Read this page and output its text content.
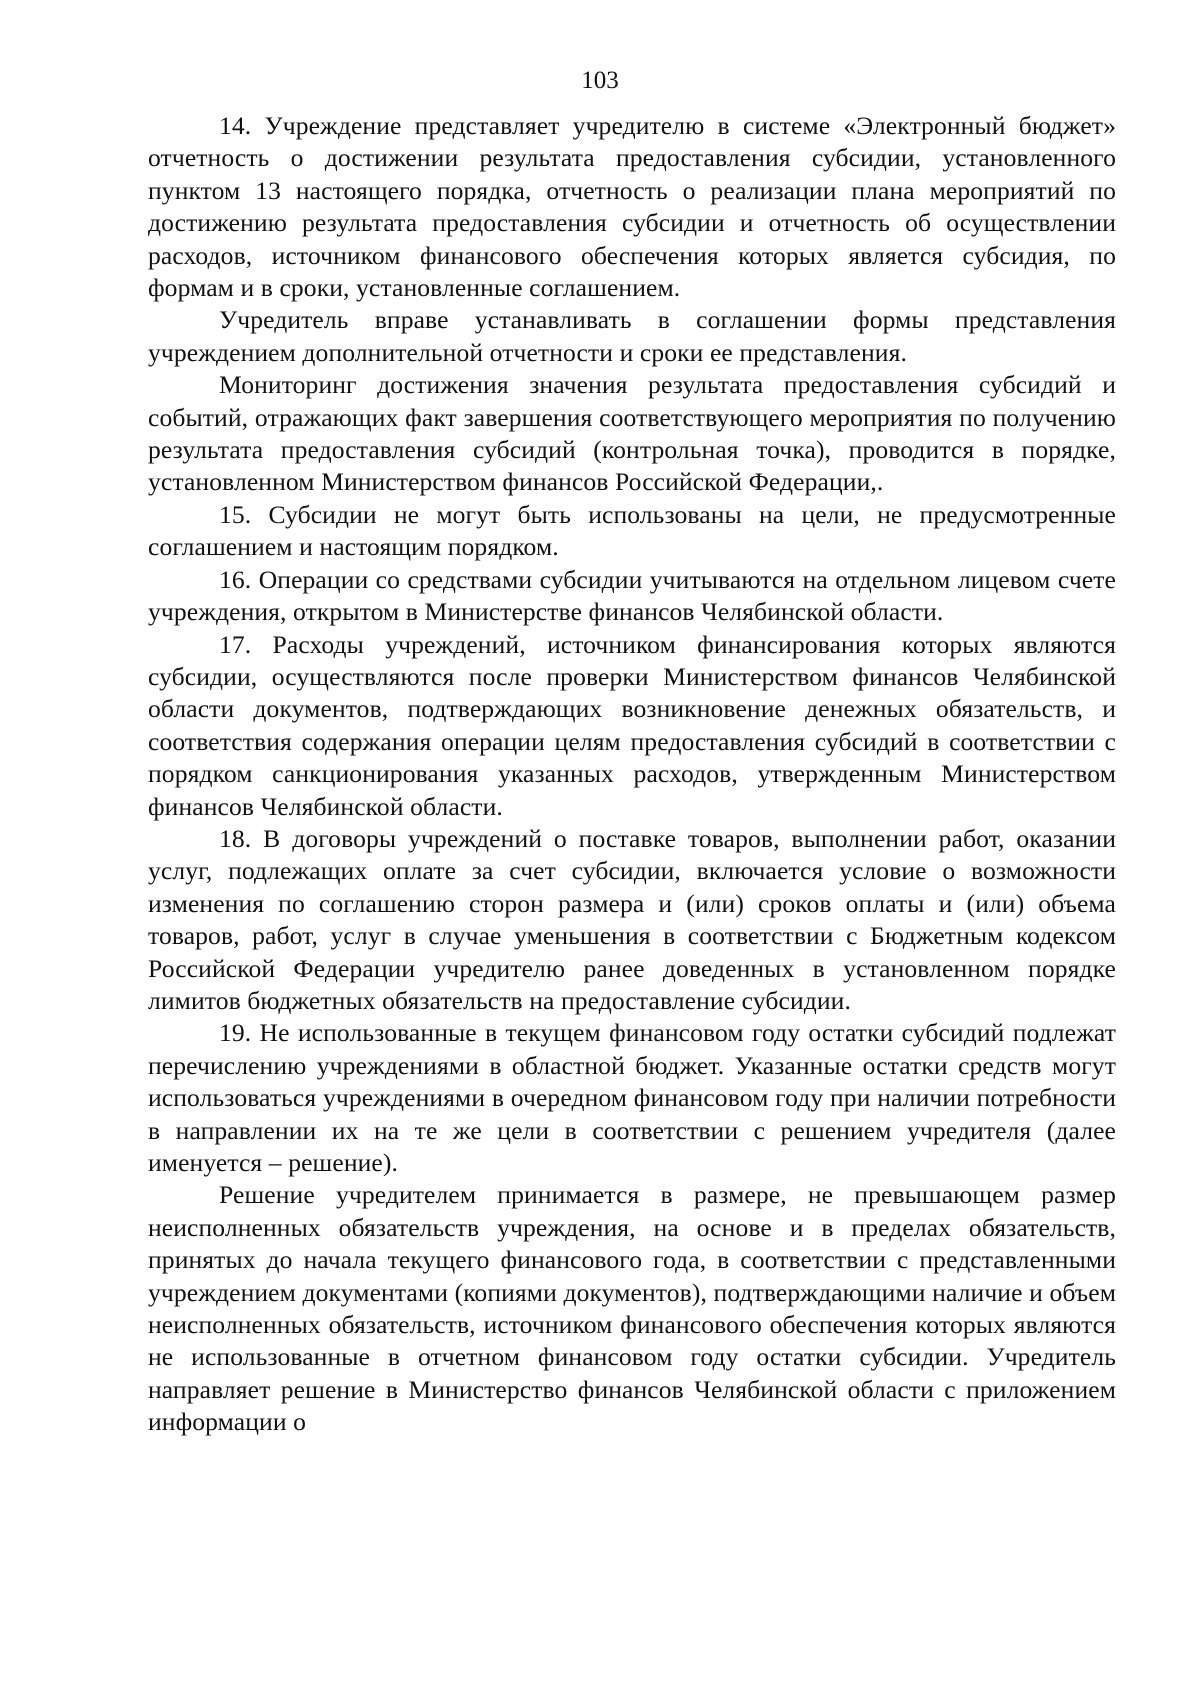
103

14. Учреждение представляет учредителю в системе «Электронный бюджет» отчетность о достижении результата предоставления субсидии, установленного пунктом 13 настоящего порядка, отчетность о реализации плана мероприятий по достижению результата предоставления субсидии и отчетность об осуществлении расходов, источником финансового обеспечения которых является субсидия, по формам и в сроки, установленные соглашением.

Учредитель вправе устанавливать в соглашении формы представления учреждением дополнительной отчетности и сроки ее представления.

Мониторинг достижения значения результата предоставления субсидий и событий, отражающих факт завершения соответствующего мероприятия по получению результата предоставления субсидий (контрольная точка), проводится в порядке, установленном Министерством финансов Российской Федерации,.

15. Субсидии не могут быть использованы на цели, не предусмотренные соглашением и настоящим порядком.

16. Операции со средствами субсидии учитываются на отдельном лицевом счете учреждения, открытом в Министерстве финансов Челябинской области.

17. Расходы учреждений, источником финансирования которых являются субсидии, осуществляются после проверки Министерством финансов Челябинской области документов, подтверждающих возникновение денежных обязательств, и соответствия содержания операции целям предоставления субсидий в соответствии с порядком санкционирования указанных расходов, утвержденным Министерством финансов Челябинской области.

18. В договоры учреждений о поставке товаров, выполнении работ, оказании услуг, подлежащих оплате за счет субсидии, включается условие о возможности изменения по соглашению сторон размера и (или) сроков оплаты и (или) объема товаров, работ, услуг в случае уменьшения в соответствии с Бюджетным кодексом Российской Федерации учредителю ранее доведенных в установленном порядке лимитов бюджетных обязательств на предоставление субсидии.

19. Не использованные в текущем финансовом году остатки субсидий подлежат перечислению учреждениями в областной бюджет. Указанные остатки средств могут использоваться учреждениями в очередном финансовом году при наличии потребности в направлении их на те же цели в соответствии с решением учредителя (далее именуется – решение).

Решение учредителем принимается в размере, не превышающем размер неисполненных обязательств учреждения, на основе и в пределах обязательств, принятых до начала текущего финансового года, в соответствии с представленными учреждением документами (копиями документов), подтверждающими наличие и объем неисполненных обязательств, источником финансового обеспечения которых являются не использованные в отчетном финансовом году остатки субсидии. Учредитель направляет решение в Министерство финансов Челябинской области с приложением информации о
